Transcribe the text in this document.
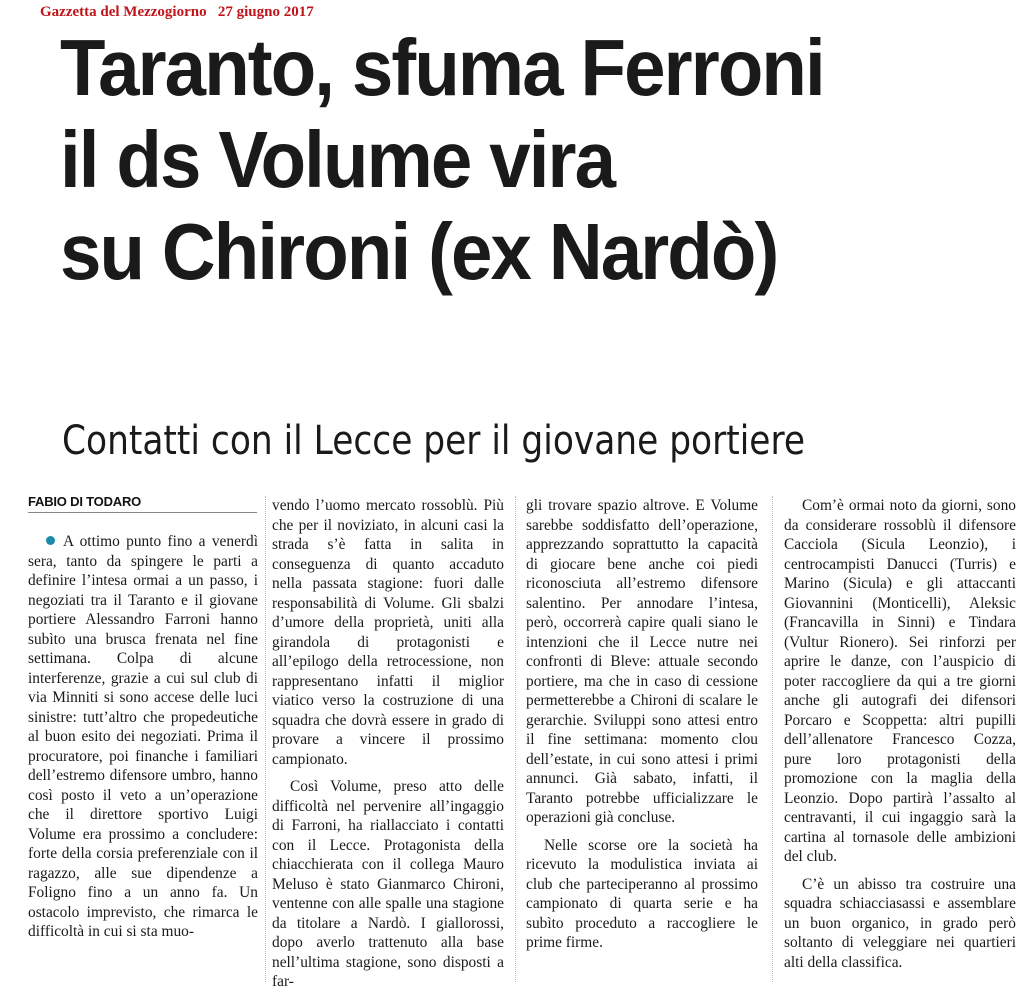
Gazzetta del Mezzogiorno   27 giugno 2017
Taranto, sfuma Ferroni
il ds Volume vira
su Chironi (ex Nardò)
Contatti con il Lecce per il giovane portiere
FABIO DI TODARO

A ottimo punto fino a venerdì sera, tanto da spingere le parti a definire l’intesa ormai a un passo, i negoziati tra il Taranto e il giovane portiere Alessandro Farroni hanno subìto una brusca frenata nel fine settimana. Colpa di alcune interferenze, grazie a cui sul club di via Minniti si sono accese delle luci sinistre: tutt’altro che propedeutiche al buon esito dei negoziati. Prima il procuratore, poi finanche i familiari dell’estremo difensore umbro, hanno così posto il veto a un’operazione che il direttore sportivo Luigi Volume era prossimo a concludere: forte della corsia preferenziale con il ragazzo, alle sue dipendenze a Foligno fino a un anno fa. Un ostacolo imprevisto, che rimarca le difficoltà in cui si sta muo-

vendo l’uomo mercato rossoblù. Più che per il noviziato, in alcuni casi la strada s’è fatta in salita in conseguenza di quanto accaduto nella passata stagione: fuori dalle responsabilità di Volume. Gli sbalzi d’umore della proprietà, uniti alla girandola di protagonisti e all’epilogo della retrocessione, non rappresentano infatti il miglior viatico verso la costruzione di una squadra che dovrà essere in grado di provare a vincere il prossimo campionato.

Così Volume, preso atto delle difficoltà nel pervenire all’ingaggio di Farroni, ha riallacciato i contatti con il Lecce. Protagonista della chiacchierata con il collega Mauro Meluso è stato Gianmarco Chironi, ventenne con alle spalle una stagione da titolare a Nardò. I giallorossi, dopo averlo trattenuto alla base nell’ultima stagione, sono disposti a far-

gli trovare spazio altrove. E Volume sarebbe soddisfatto dell’operazione, apprezzando soprattutto la capacità di giocare bene anche coi piedi riconosciuta all’estremo difensore salentino. Per annodare l’intesa, però, occorrerà capire quali siano le intenzioni che il Lecce nutre nei confronti di Bleve: attuale secondo portiere, ma che in caso di cessione permetterebbe a Chironi di scalare le gerarchie. Sviluppi sono attesi entro il fine settimana: momento clou dell’estate, in cui sono attesi i primi annunci. Già sabato, infatti, il Taranto potrebbe ufficializzare le operazioni già concluse.

Nelle scorse ore la società ha ricevuto la modulistica inviata ai club che parteciperanno al prossimo campionato di quarta serie e ha subìto proceduto a raccogliere le prime firme.

Com’è ormai noto da giorni, sono da considerare rossoblù il difensore Cacciola (Sicula Leonzio), i centrocampisti Danucci (Turris) e Marino (Sicula) e gli attaccanti Giovannini (Monticelli), Aleksic (Francavilla in Sinni) e Tindara (Vultur Rionero). Sei rinforzi per aprire le danze, con l’auspicio di poter raccogliere da qui a tre giorni anche gli autografi dei difensori Porcaro e Scoppetta: altri pupilli dell’allenatore Francesco Cozza, pure loro protagonisti della promozione con la maglia della Leonzio. Dopo partirà l’assalto al centravanti, il cui ingaggio sarà la cartina al tornasole delle ambizioni del club.

C’è un abisso tra costruire una squadra schiacciasassi e assemblare un buon organico, in grado però soltanto di veleggiare nei quartieri alti della classifica.
